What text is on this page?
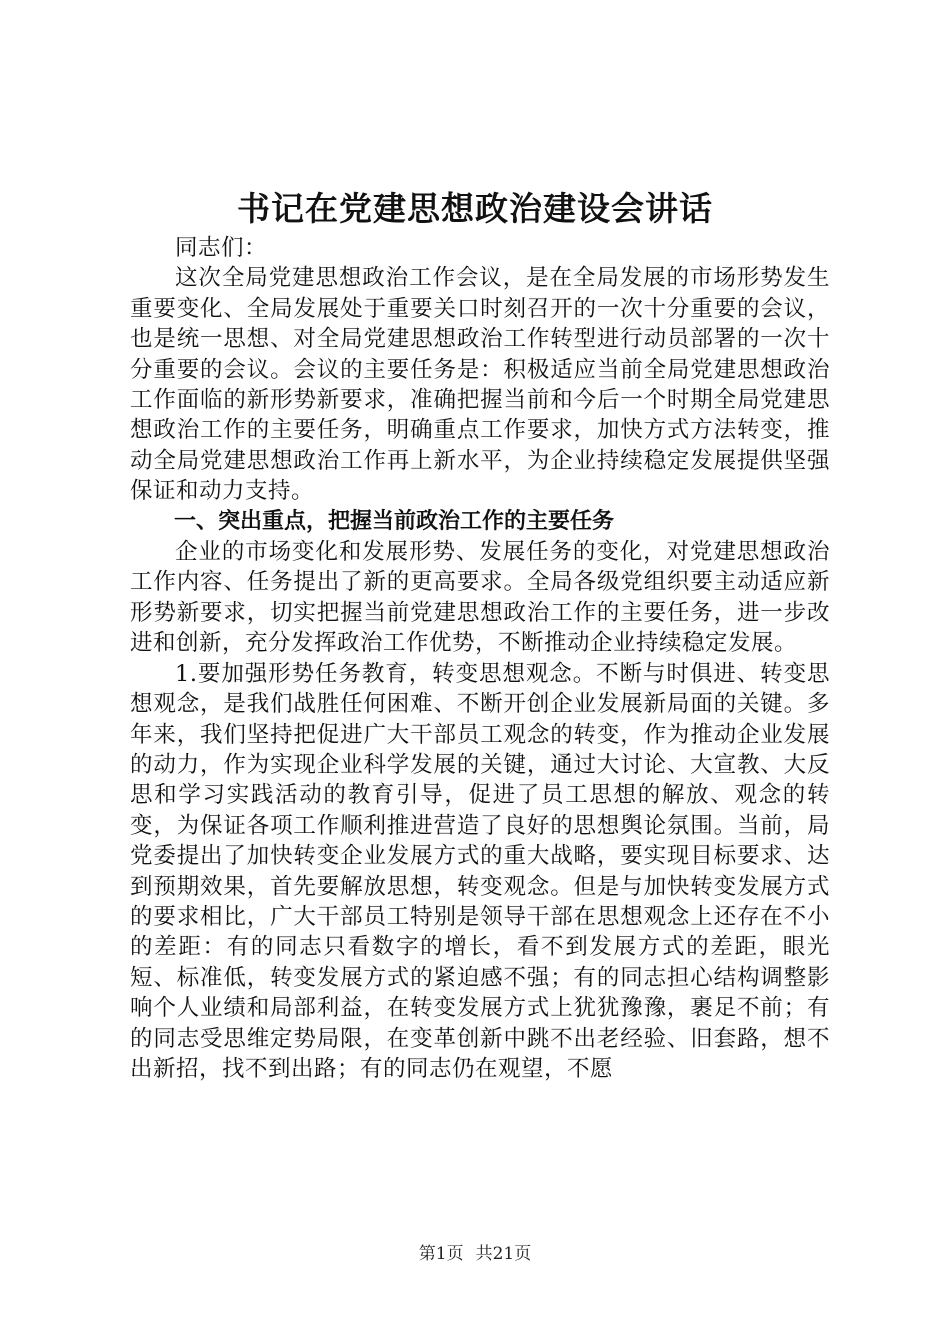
书记在党建思想政治建设会讲话

同志们：

这次全局党建思想政治工作会议，是在全局发展的市场形势发生重要变化、全局发展处于重要关口时刻召开的一次十分重要的会议，也是统一思想、对全局党建思想政治工作转型进行动员部署的一次十分重要的会议。会议的主要任务是：积极适应当前全局党建思想政治工作面临的新形势新要求，准确把握当前和今后一个时期全局党建思想政治工作的主要任务，明确重点工作要求，加快方式方法转变，推动全局党建思想政治工作再上新水平，为企业持续稳定发展提供坚强保证和动力支持。

一、突出重点，把握当前政治工作的主要任务

企业的市场变化和发展形势、发展任务的变化，对党建思想政治工作内容、任务提出了新的更高要求。全局各级党组织要主动适应新形势新要求，切实把握当前党建思想政治工作的主要任务，进一步改进和创新，充分发挥政治工作优势，不断推动企业持续稳定发展。

1.要加强形势任务教育，转变思想观念。不断与时俱进、转变思想观念，是我们战胜任何困难、不断开创企业发展新局面的关键。多年来，我们坚持把促进广大干部员工观念的转变，作为推动企业发展的动力，作为实现企业科学发展的关键，通过大讨论、大宣教、大反思和学习实践活动的教育引导，促进了员工思想的解放、观念的转变，为保证各项工作顺利推进营造了良好的思想舆论氛围。当前，局党委提出了加快转变企业发展方式的重大战略，要实现目标要求、达到预期效果，首先要解放思想，转变观念。但是与加快转变发展方式的要求相比，广大干部员工特别是领导干部在思想观念上还存在不小的差距：有的同志只看数字的增长，看不到发展方式的差距，眼光短、标准低，转变发展方式的紧迫感不强；有的同志担心结构调整影响个人业绩和局部利益，在转变发展方式上犹犹豫豫，裹足不前；有的同志受思维定势局限，在变革创新中跳不出老经验、旧套路，想不出新招，找不到出路；有的同志仍在观望，不愿

第1页 共21页
